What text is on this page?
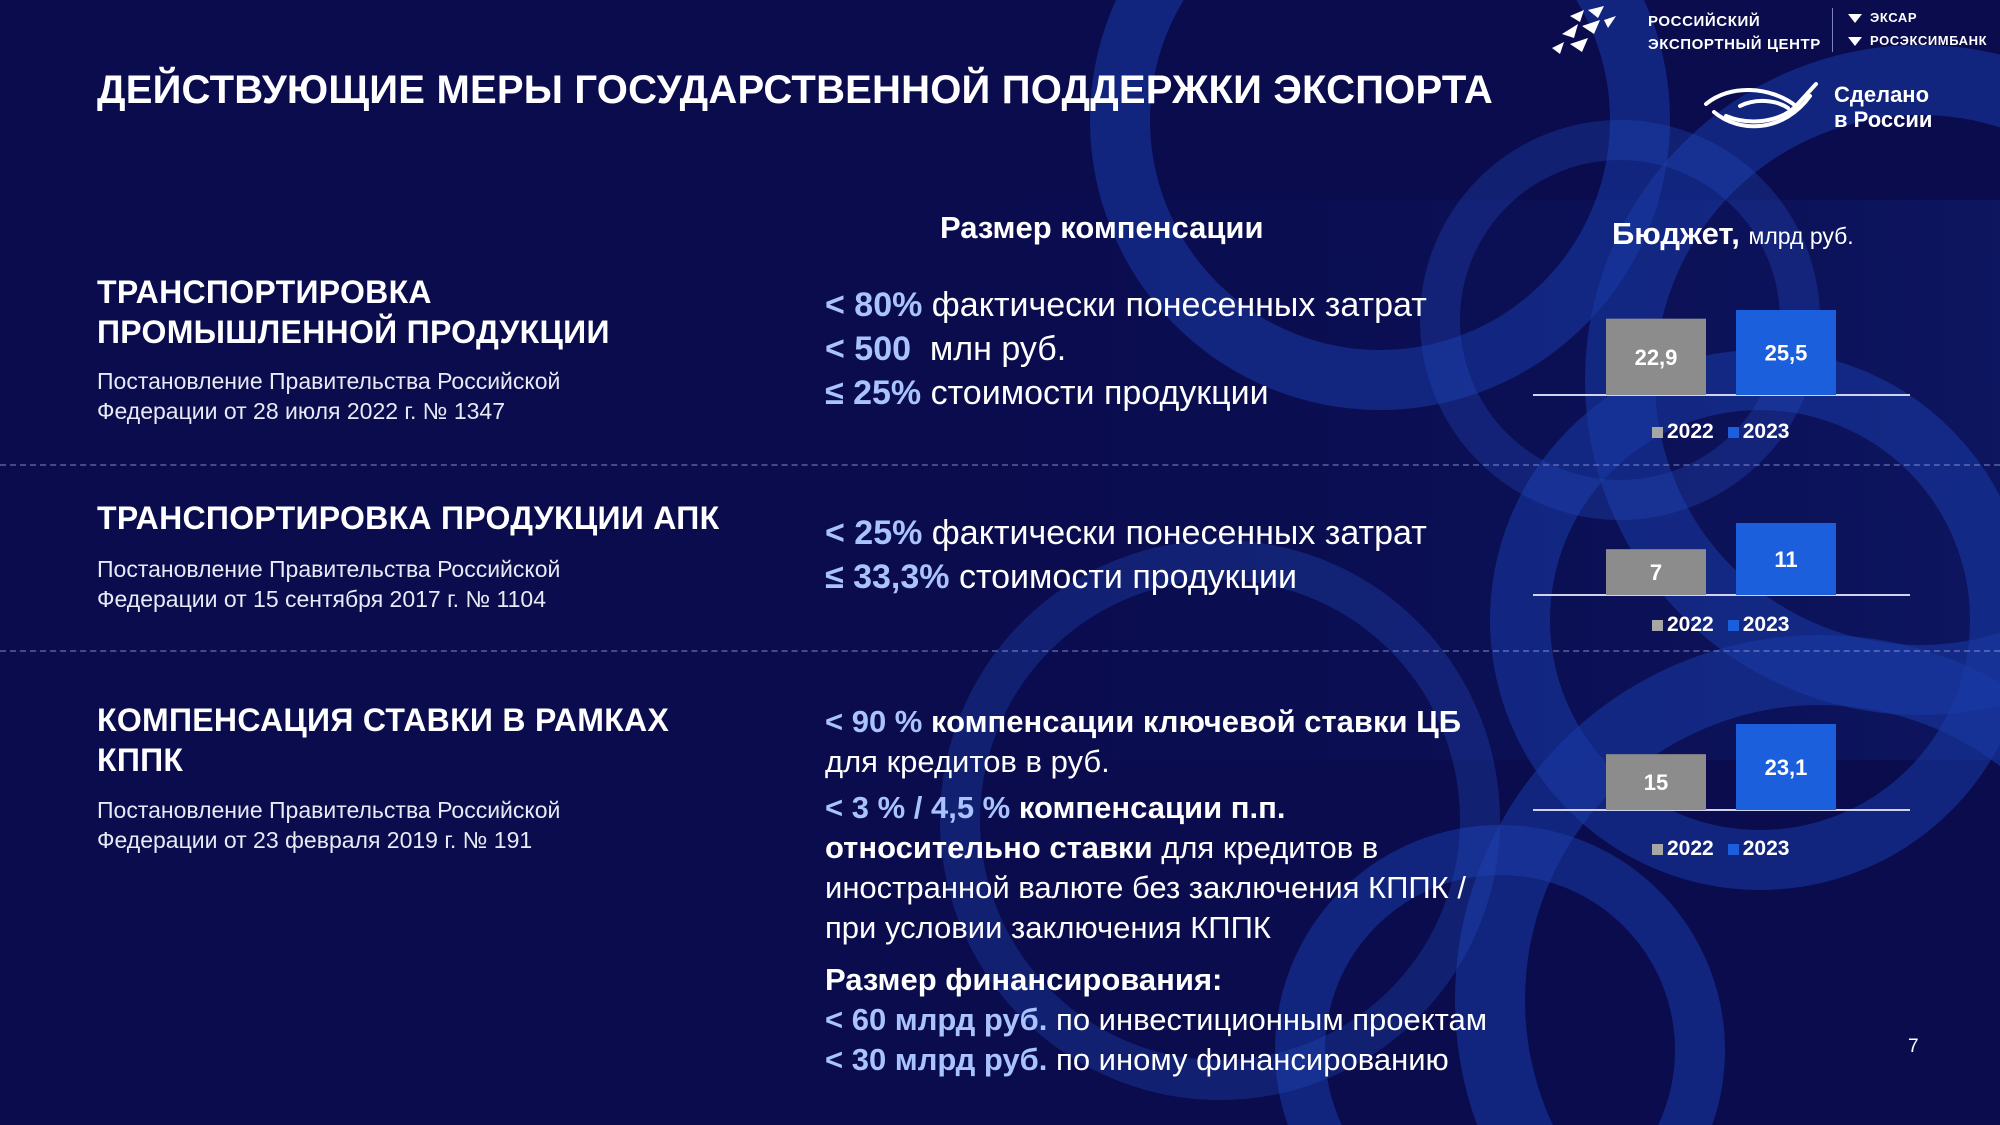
ДЕЙСТВУЮЩИЕ МЕРЫ ГОСУДАРСТВЕННОЙ ПОДДЕРЖКИ ЭКСПОРТА
РОССИЙСКИЙ
ЭКСПОРТНЫЙ ЦЕНТР
ЭКСАР
РОСЭКСИМБАНК
Сделано
в России
Размер компенсации	Бюджет, млрд руб.
ТРАНСПОРТИРОВКА
ПРОМЫШЛЕННОЙ ПРОДУКЦИИ
Постановление Правительства Российской
Федерации от 28 июля 2022 г. № 1347
< 80% фактически понесенных затрат
< 500  млн руб.
≤ 25% стоимости продукции
ТРАНСПОРТИРОВКА ПРОДУКЦИИ АПК
Постановление Правительства Российской
Федерации от 15 сентября 2017 г. № 1104
< 25% фактически понесенных затрат
≤ 33,3% стоимости продукции
КОМПЕНСАЦИЯ СТАВКИ В РАМКАХ
КППК
Постановление Правительства Российской
Федерации от 23 февраля 2019 г. № 191
< 90 % компенсации ключевой ставки ЦБ
для кредитов в руб.
< 3 % / 4,5 % компенсации п.п.
относительно ставки для кредитов в
иностранной валюте без заключения КППК /
при условии заключения КППК
Размер финансирования:
< 60 млрд руб. по инвестиционным проектам
< 30 млрд руб. по иному финансированию
22,9	25,5
2022 2023
7
11
2022 2023
15
23,1
2022 2023
7
